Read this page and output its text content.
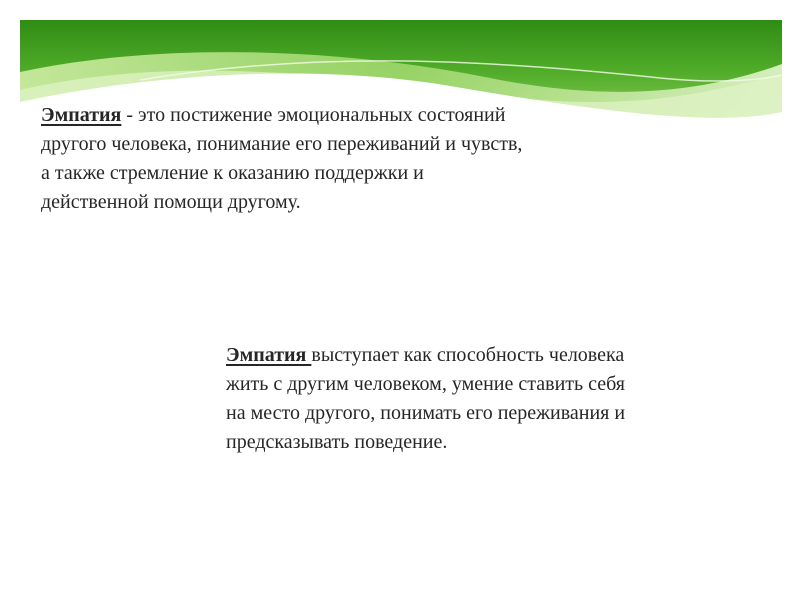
Эмпатия - это постижение эмоциональных состояний
другого человека, понимание его переживаний и чувств,
а также стремление к оказанию поддержки и
действенной помощи другому.

Эмпатия выступает как способность человека
жить с другим человеком, умение ставить себя
на место другого, понимать его переживания и
предсказывать поведение.
